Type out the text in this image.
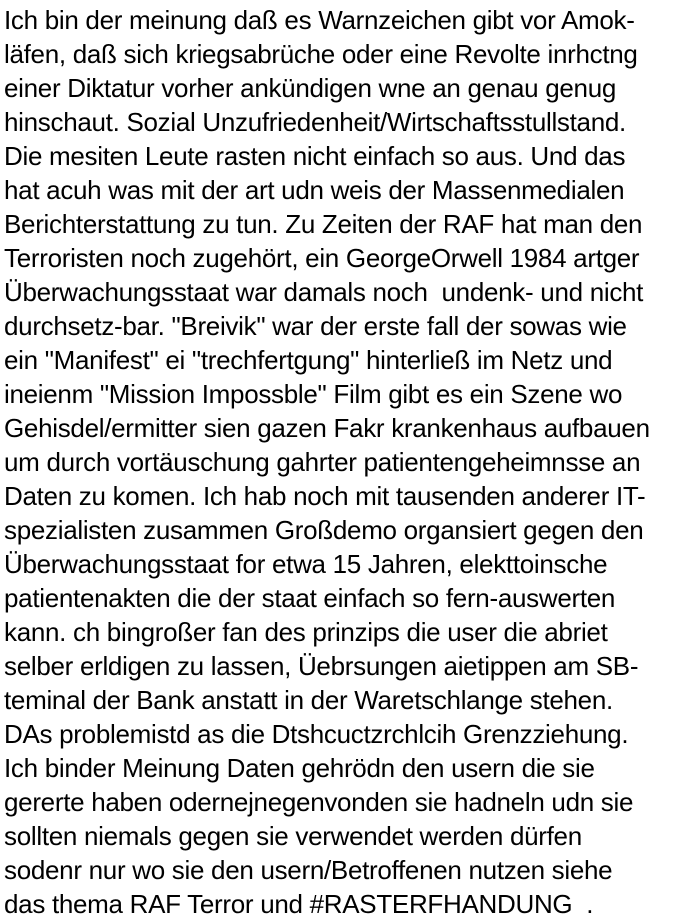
Ich bin der meinung daß es Warnzeichen gibt vor Amok-
läfen, daß sich kriegsabrüche oder eine Revolte inrhctng
einer Diktatur vorher ankündigen wne an genau genug
hinschaut. Sozial Unzufriedenheit/Wirtschaftsstullstand.
Die mesiten Leute rasten nicht einfach so aus. Und das
hat acuh was mit der art udn weis der Massenmedialen
Berichterstattung zu tun. Zu Zeiten der RAF hat man den
Terroristen noch zugehört, ein GeorgeOrwell 1984 artger
Überwachungsstaat war damals noch  undenk- und nicht
durchsetz-bar. "Breivik" war der erste fall der sowas wie
ein "Manifest" ei "trechfertgung" hinterließ im Netz und
ineienm "Mission Impossble" Film gibt es ein Szene wo
Gehisdel/ermitter sien gazen Fakr krankenhaus aufbauen
um durch vortäuschung gahrter patientengeheimnsse an
Daten zu komen. Ich hab noch mit tausenden anderer IT-
spezialisten zusammen Großdemo organsiert gegen den
Überwachungsstaat for etwa 15 Jahren, elekttoinsche
patientenakten die der staat einfach so fern-auswerten
kann. ch bingroßer fan des prinzips die user die abriet
selber erldigen zu lassen, Üebrsungen aietippen am SB-
teminal der Bank anstatt in der Waretschlange stehen.
DAs problemistd as die Dtshcuctzrchlcih Grenzziehung.
Ich binder Meinung Daten gehrödn den usern die sie
gererte haben odernejnegenvonden sie hadneln udn sie
sollten niemals gegen sie verwendet werden dürfen
sodenr nur wo sie den usern/Betroffenen nutzen siehe
das thema RAF Terror und #RASTERFHANDUNG  .
